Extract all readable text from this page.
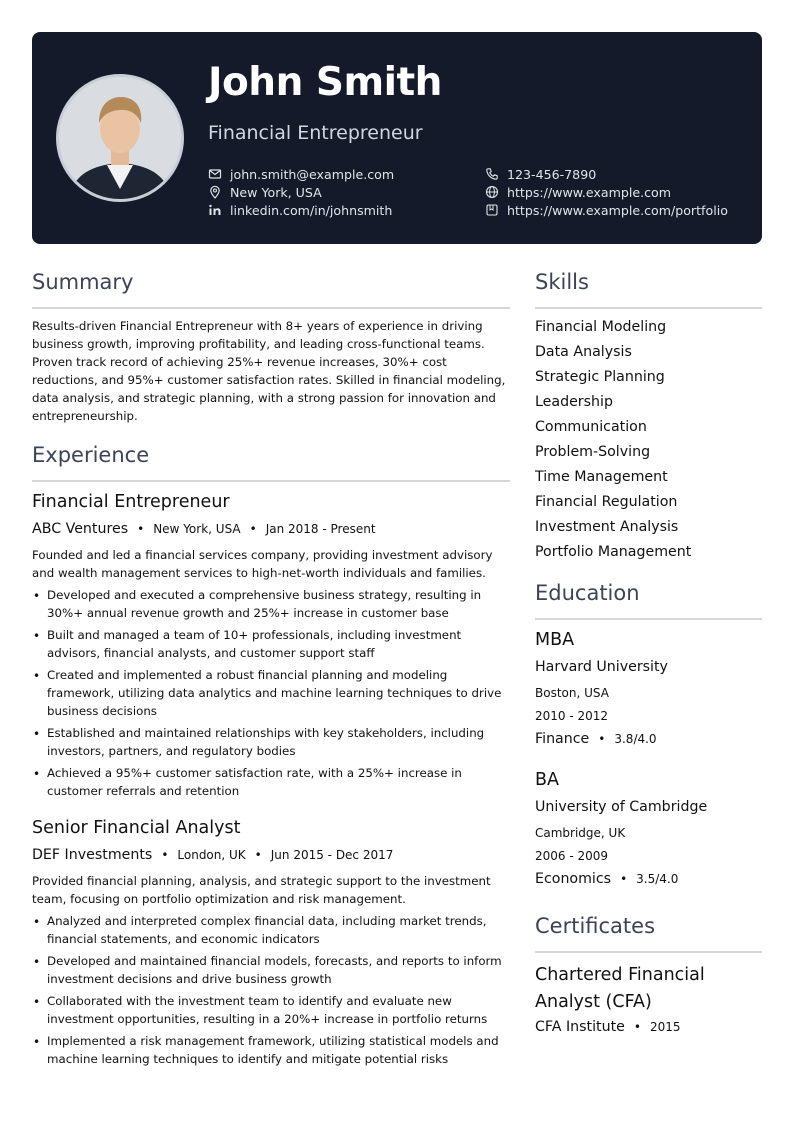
John Smith
Financial Entrepreneur
john.smith@example.com
New York, USA
linkedin.com/in/johnsmith
123-456-7890
https://www.example.com
https://www.example.com/portfolio
Summary
Results-driven Financial Entrepreneur with 8+ years of experience in driving business growth, improving profitability, and leading cross-functional teams. Proven track record of achieving 25%+ revenue increases, 30%+ cost reductions, and 95%+ customer satisfaction rates. Skilled in financial modeling, data analysis, and strategic planning, with a strong passion for innovation and entrepreneurship.
Experience
Financial Entrepreneur
ABC Ventures • New York, USA • Jan 2018 - Present
Founded and led a financial services company, providing investment advisory and wealth management services to high-net-worth individuals and families.
• Developed and executed a comprehensive business strategy, resulting in 30%+ annual revenue growth and 25%+ increase in customer base
• Built and managed a team of 10+ professionals, including investment advisors, financial analysts, and customer support staff
• Created and implemented a robust financial planning and modeling framework, utilizing data analytics and machine learning techniques to drive business decisions
• Established and maintained relationships with key stakeholders, including investors, partners, and regulatory bodies
• Achieved a 95%+ customer satisfaction rate, with a 25%+ increase in customer referrals and retention
Senior Financial Analyst
DEF Investments • London, UK • Jun 2015 - Dec 2017
Provided financial planning, analysis, and strategic support to the investment team, focusing on portfolio optimization and risk management.
• Analyzed and interpreted complex financial data, including market trends, financial statements, and economic indicators
• Developed and maintained financial models, forecasts, and reports to inform investment decisions and drive business growth
• Collaborated with the investment team to identify and evaluate new investment opportunities, resulting in a 20%+ increase in portfolio returns
• Implemented a risk management framework, utilizing statistical models and machine learning techniques to identify and mitigate potential risks
Skills
Financial Modeling
Data Analysis
Strategic Planning
Leadership
Communication
Problem-Solving
Time Management
Financial Regulation
Investment Analysis
Portfolio Management
Education
MBA
Harvard University
Boston, USA
2010 - 2012
Finance • 3.8/4.0
BA
University of Cambridge
Cambridge, UK
2006 - 2009
Economics • 3.5/4.0
Certificates
Chartered Financial Analyst (CFA)
CFA Institute • 2015
